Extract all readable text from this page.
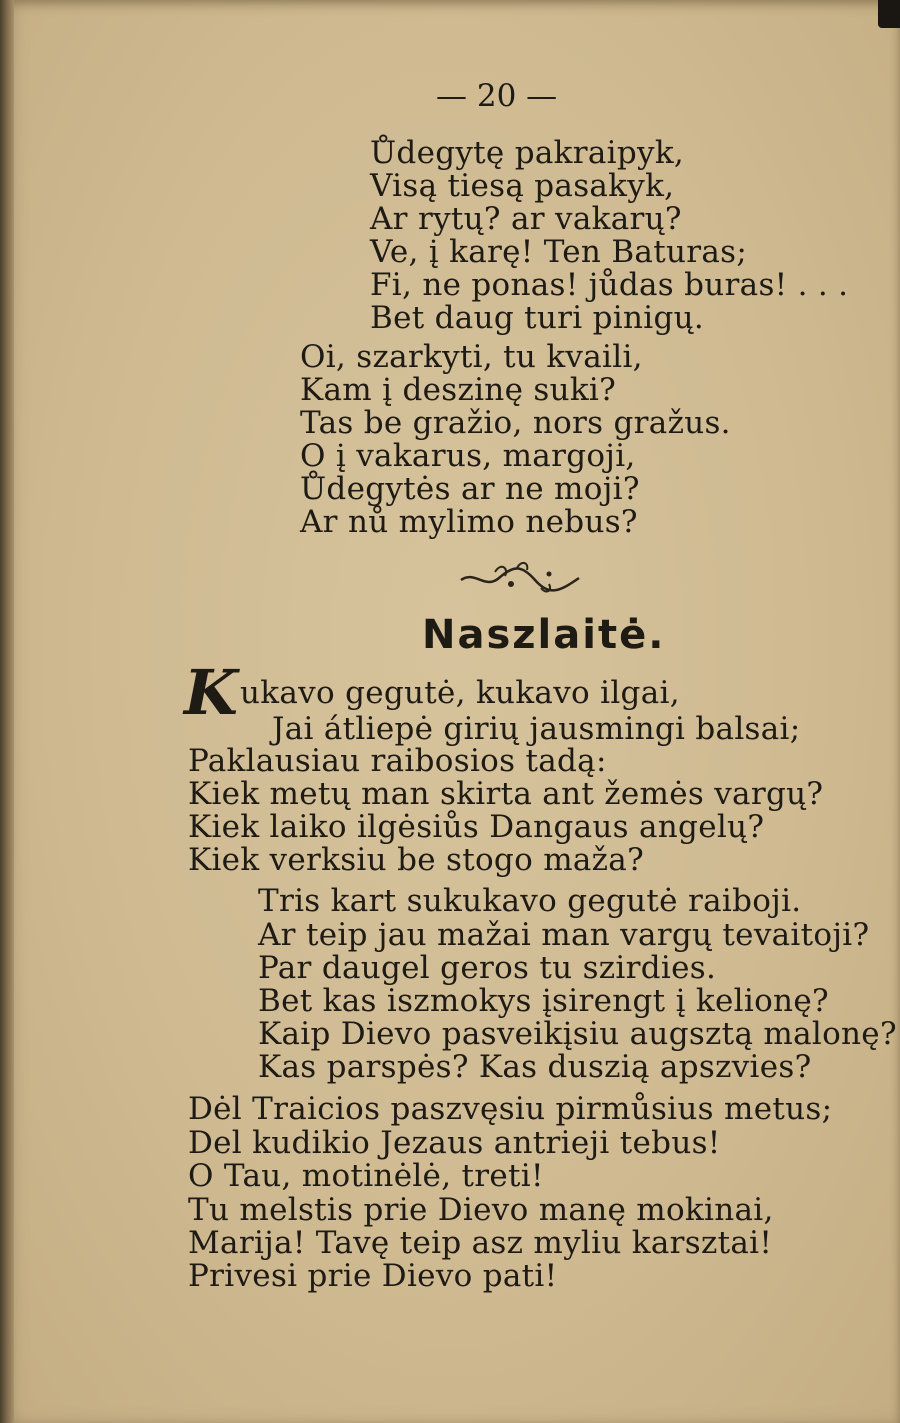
— 20 —
Ůdegytę pakraipyk,
Visą tiesą pasakyk,
Ar rytų? ar vakarų?
Ve, į karę! Ten Baturas;
Fi, ne ponas! jůdas buras! . . .
Bet daug turi pinigų.
Oi, szarkyti, tu kvaili,
Kam į deszinę suki?
Tas be gražio, nors gražus.
O į vakarus, margoji,
Ůdegytės ar ne moji?
Ar nů mylimo nebus?
Naszlaitė.
K ukavo gegutė, kukavo ilgai,
Jai átliepė girių jausmingi balsai;
Paklausiau raibosios tadą:
Kiek metų man skirta ant žemės vargų?
Kiek laiko ilgėsiůs Dangaus angelų?
Kiek verksiu be stogo maža?
Tris kart sukukavo gegutė raiboji.
Ar teip jau mažai man vargų tevaitoji?
Par daugel geros tu szirdies.
Bet kas iszmokys įsirengt į kelionę?
Kaip Dievo pasveikįsiu augsztą malonę?
Kas parspės? Kas duszią apszvies?
Dėl Traicios paszvęsiu pirmůsius metus;
Del kudikio Jezaus antrieji tebus!
O Tau, motinėlė, treti!
Tu melstis prie Dievo manę mokinai,
Marija! Tavę teip asz myliu karsztai!
Privesi prie Dievo pati!
